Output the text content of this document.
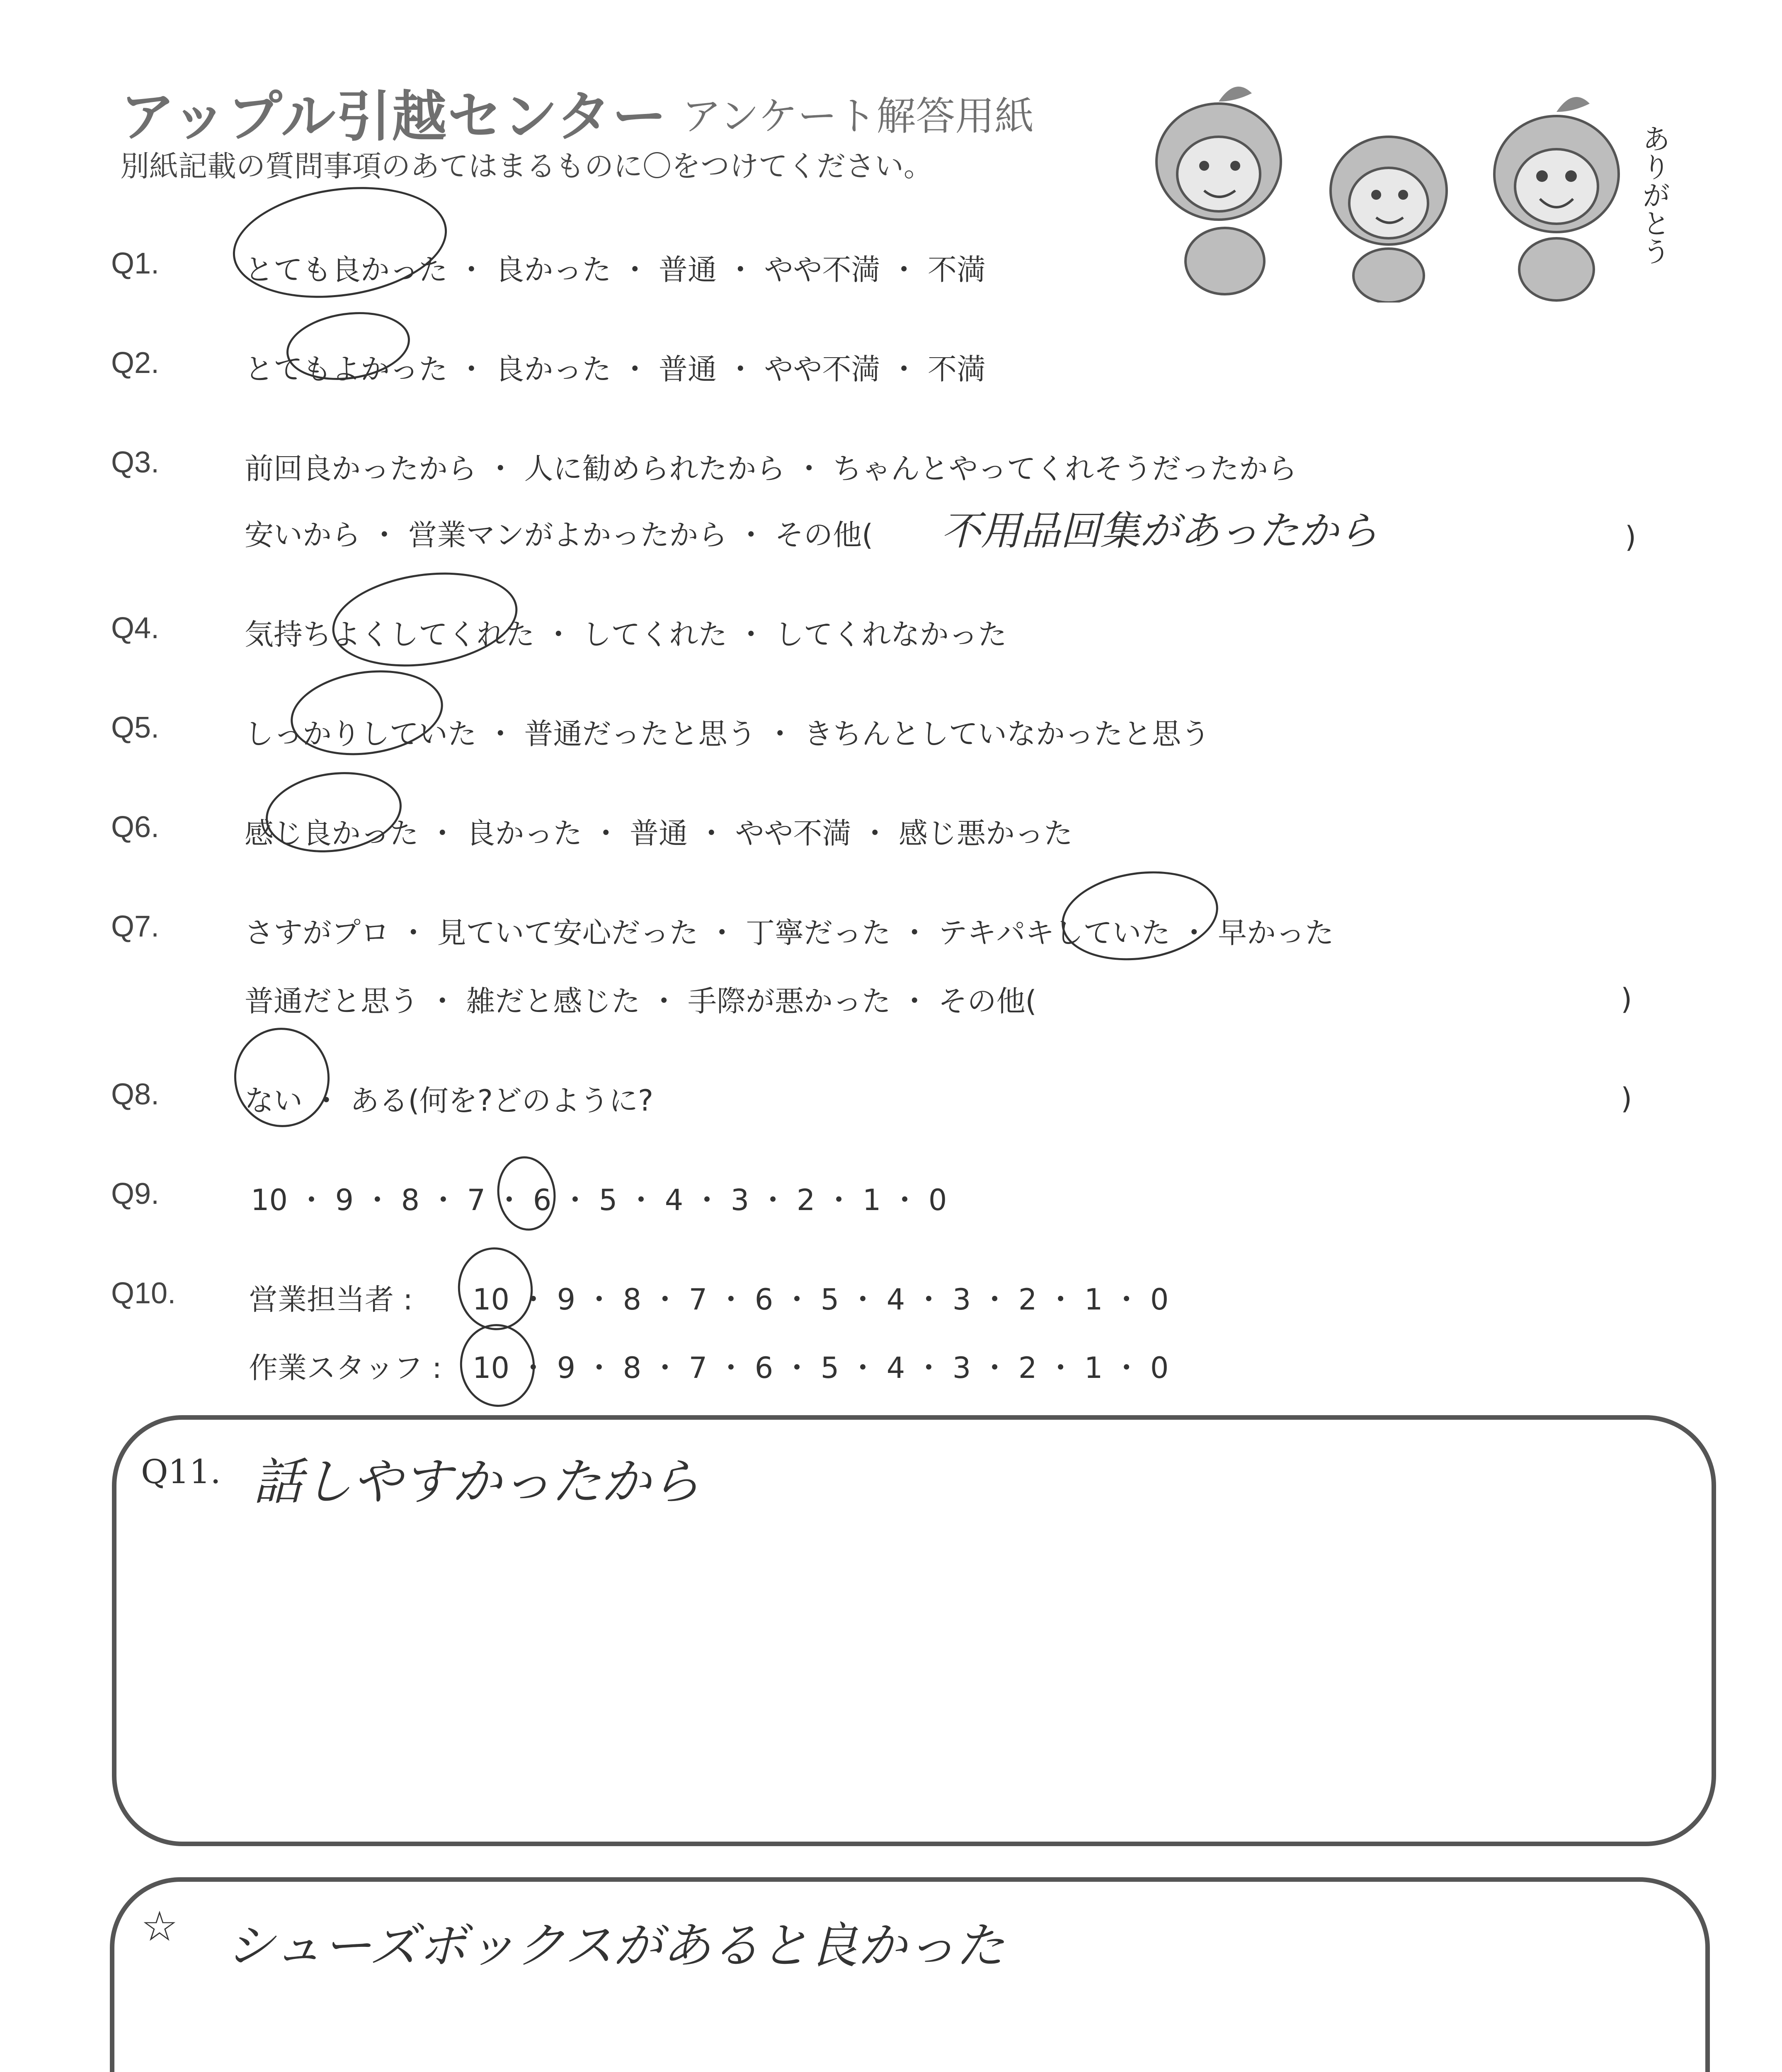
アップル引越センター アンケート解答用紙
別紙記載の質問事項のあてはまるものに〇をつけてください。	ありがとう
Q1.	とても良かった ・ 良かった ・ 普通 ・ やや不満 ・ 不満
Q2.	とてもよかった ・ 良かった ・ 普通 ・ やや不満 ・ 不満
Q3.	前回良かったから ・ 人に勧められたから ・ ちゃんとやってくれそうだったから
安いから ・ 営業マンがよかったから ・ その他( 不用品回集があったから	)
Q4.	気持ちよくしてくれた ・ してくれた ・ してくれなかった
Q5.	しっかりしていた ・ 普通だったと思う ・ きちんとしていなかったと思う
Q6.	感じ良かった ・ 良かった ・ 普通 ・ やや不満 ・ 感じ悪かった
Q7.	さすがプロ ・ 見ていて安心だった ・ 丁寧だった ・ テキパキしていた ・ 早かった
普通だと思う ・ 雑だと感じた ・ 手際が悪かった ・ その他(	)
Q8.	ない ・ ある(何を?どのように?	)
Q9.	10 ・ 9 ・ 8 ・ 7 ・ 6 ・ 5 ・ 4 ・ 3 ・ 2 ・ 1 ・ 0
Q10.	営業担当者 : 10 ・ 9 ・ 8 ・ 7 ・ 6 ・ 5 ・ 4 ・ 3 ・ 2 ・ 1 ・ 0
作業スタッフ : 10 ・ 9 ・ 8 ・ 7 ・ 6 ・ 5 ・ 4 ・ 3 ・ 2 ・ 1 ・ 0
Q11. 話しやすかったから
☆ シューズボックスがあると良かった
